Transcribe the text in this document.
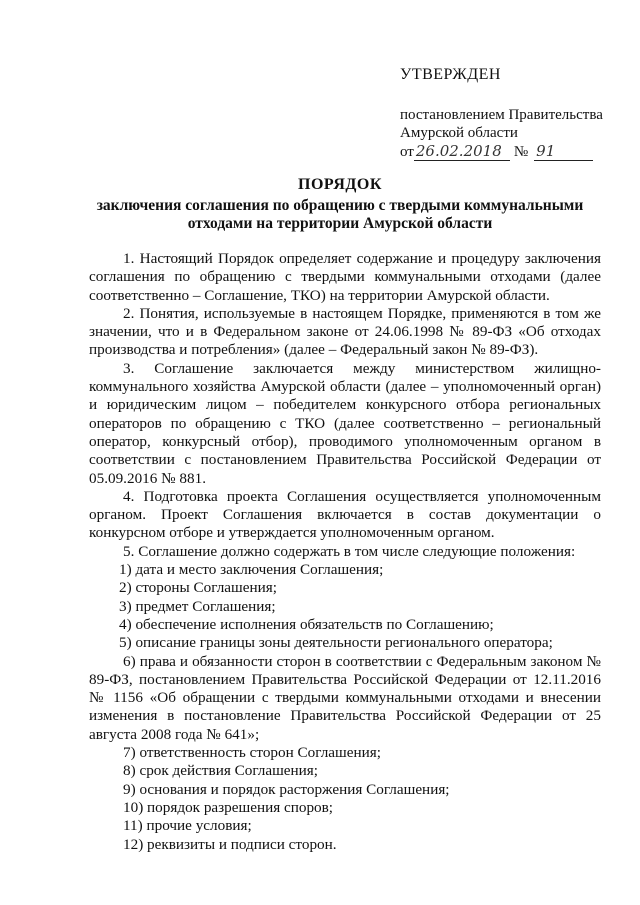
УТВЕРЖДЕН
постановлением Правительства
Амурской области
от 26.02.2018 № 91
ПОРЯДОК
заключения соглашения по обращению с твердыми коммунальными отходами на территории Амурской области
1. Настоящий Порядок определяет содержание и процедуру заключения соглашения по обращению с твердыми коммунальными отходами (далее соответственно – Соглашение, ТКО) на территории Амурской области.
2. Понятия, используемые в настоящем Порядке, применяются в том же значении, что и в Федеральном законе от 24.06.1998 № 89-ФЗ «Об отходах производства и потребления» (далее – Федеральный закон № 89-ФЗ).
3. Соглашение заключается между министерством жилищно-коммунального хозяйства Амурской области (далее – уполномоченный орган) и юридическим лицом – победителем конкурсного отбора региональных операторов по обращению с ТКО (далее соответственно – региональный оператор, конкурсный отбор), проводимого уполномоченным органом в соответствии с постановлением Правительства Российской Федерации от 05.09.2016 № 881.
4. Подготовка проекта Соглашения осуществляется уполномоченным органом. Проект Соглашения включается в состав документации о конкурсном отборе и утверждается уполномоченным органом.
5. Соглашение должно содержать в том числе следующие положения:
1) дата и место заключения Соглашения;
2) стороны Соглашения;
3) предмет Соглашения;
4) обеспечение исполнения обязательств по Соглашению;
5) описание границы зоны деятельности регионального оператора;
6) права и обязанности сторон в соответствии с Федеральным законом № 89-ФЗ, постановлением Правительства Российской Федерации от 12.11.2016 № 1156 «Об обращении с твердыми коммунальными отходами и внесении изменения в постановление Правительства Российской Федерации от 25 августа 2008 года № 641»;
7) ответственность сторон Соглашения;
8) срок действия Соглашения;
9) основания и порядок расторжения Соглашения;
10) порядок разрешения споров;
11) прочие условия;
12) реквизиты и подписи сторон.
